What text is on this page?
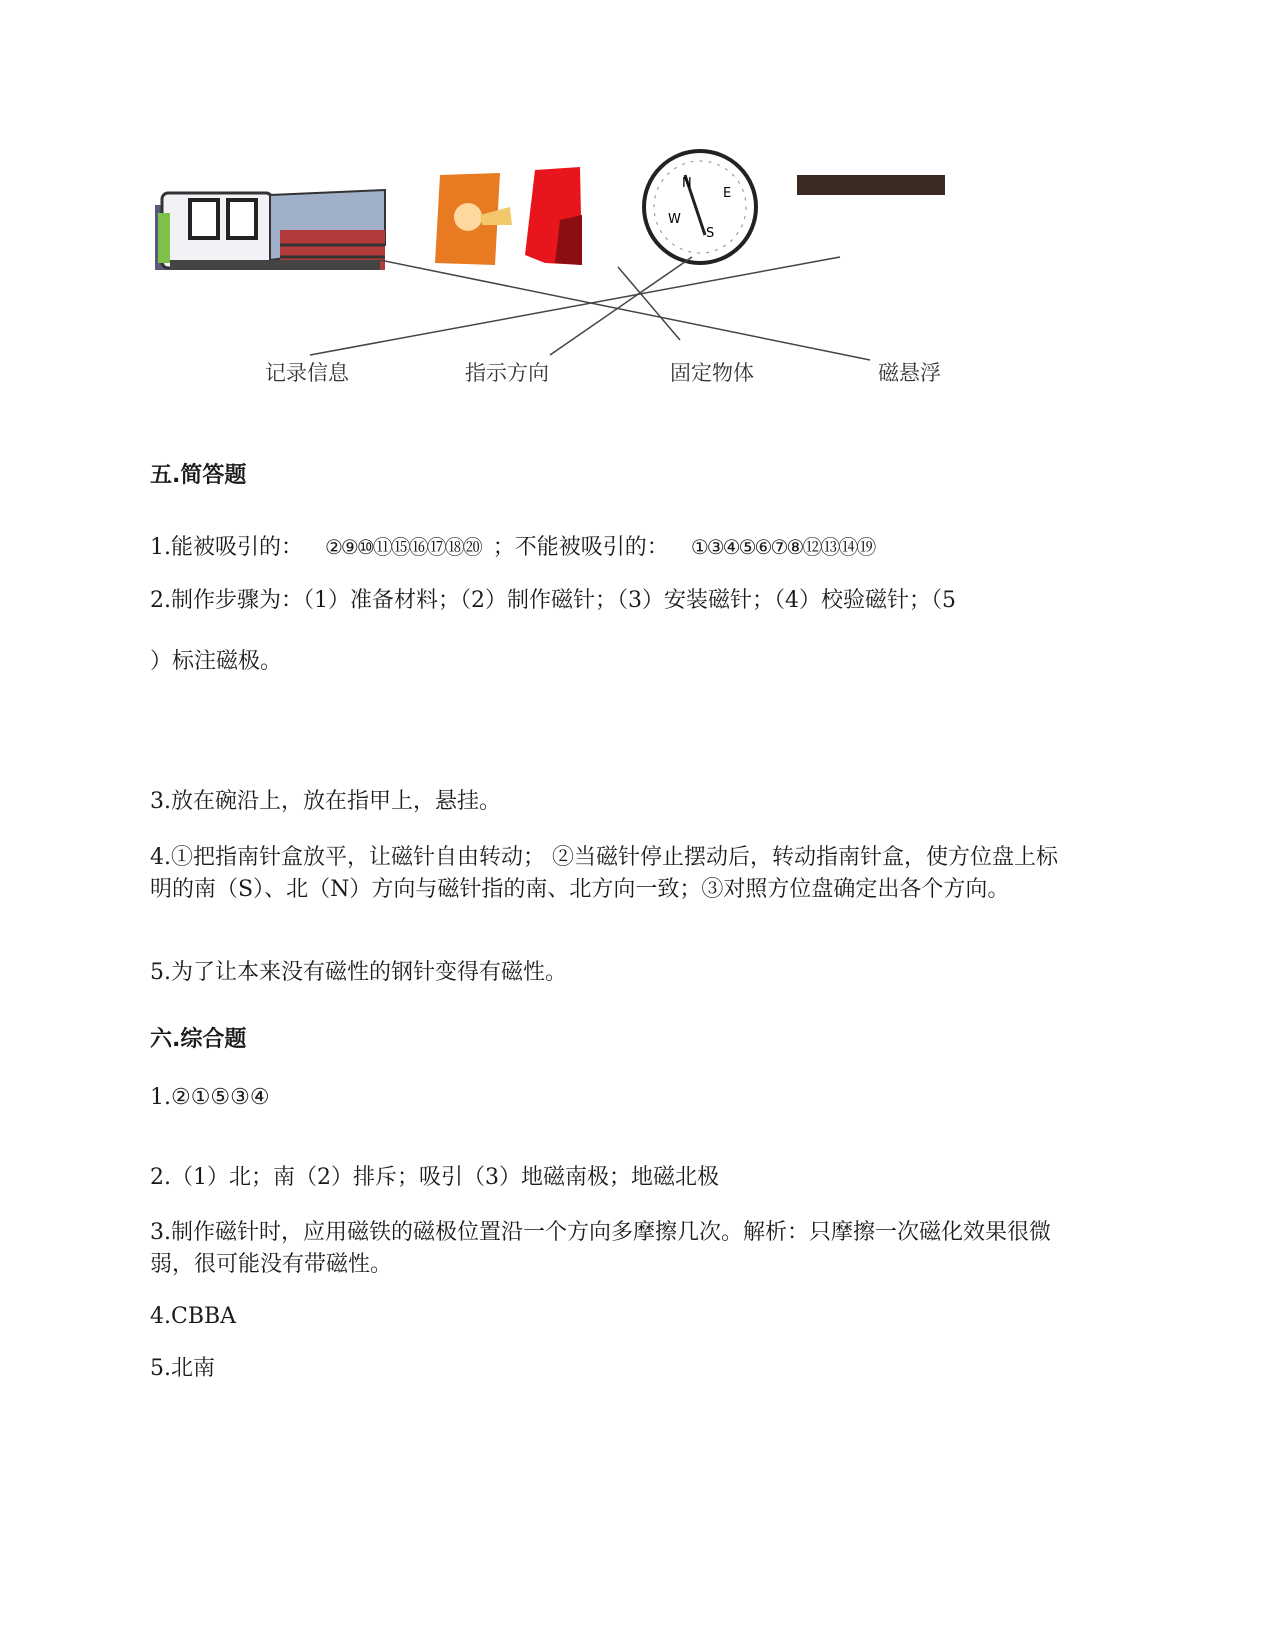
N
E
W
S
记录信息	指示方向	固定物体	磁悬浮
五.简答题
1.能被吸引的： ②⑨⑩⑪⑮⑯⑰⑱⑳ ；不能被吸引的： ①③④⑤⑥⑦⑧⑫⑬⑭⑲
2.制作步骤为：（1）准备材料；（2）制作磁针；（3）安装磁针；（4）校验磁针；（5
）标注磁极。
3.放在碗沿上，放在指甲上，悬挂。
4.①把指南针盒放平，让磁针自由转动； ②当磁针停止摆动后，转动指南针盒，使方位盘上标明的南（S）、北（N）方向与磁针指的南、北方向一致；③对照方位盘确定出各个方向。
5.为了让本来没有磁性的钢针变得有磁性。
六.综合题
1.②①⑤③④
2.（1）北；南（2）排斥；吸引（3）地磁南极；地磁北极
3.制作磁针时，应用磁铁的磁极位置沿一个方向多摩擦几次。解析：只摩擦一次磁化效果很微弱，很可能没有带磁性。
4.CBBA
5.北南
